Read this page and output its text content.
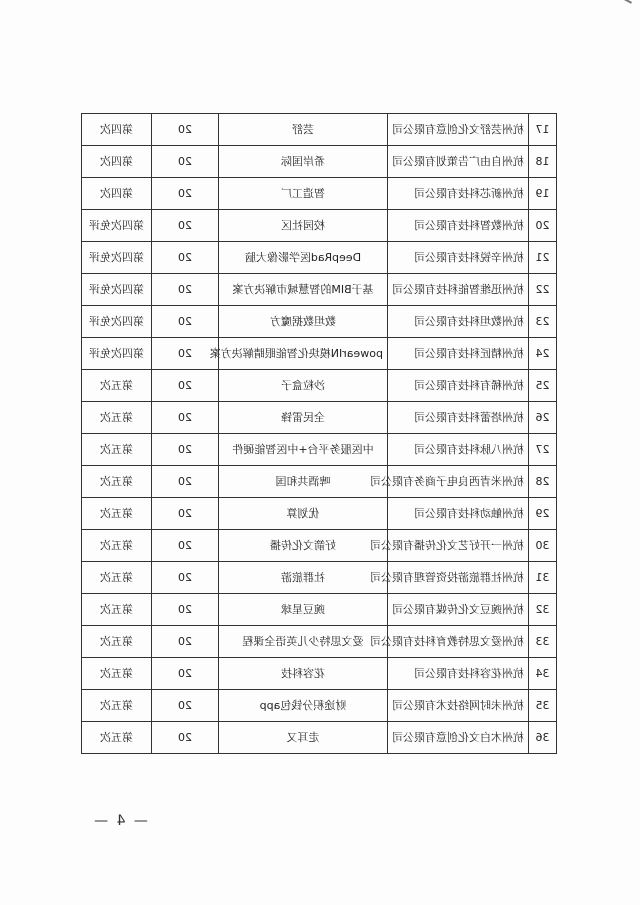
17	杭州芸舒文化创意有限公司	芸舒	20	第四次
18	杭州自由广告策划有限公司	希岸国际	20	第四次
19	杭州新芯科技有限公司	智造工厂	20	第四次
20	杭州数智科技有限公司	校园社区	20	第四次免评
21	杭州辛锐科技有限公司	DeepRad医学影像大脑	20	第四次免评
22	杭州迅维智能科技有限公司	基于BIM的智慧城市解决方案	20	第四次免评
23	杭州数坦科技有限公司	数坦数据魔方	20	第四次免评
24	杭州精匠科技有限公司	powearIN模块化智能眼睛解决方案	20	第四次免评
25	杭州稀有科技有限公司	沙粒盒子	20	第五次
26	杭州塔蕾科技有限公司	全民雷锋	20	第五次
27	杭州八脉科技有限公司	中医服务平台+中医智能硬件	20	第五次
28	杭州米青西良电子商务有限公司	啤酒共和国	20	第五次
29	杭州触动科技有限公司	优划算	20	第五次
30	杭州一开好艺文化传播有限公司	好箭文化传播	20	第五次
31	杭州社群旅游投资管理有限公司	社群旅游	20	第五次
32	杭州豌豆文化传媒有限公司	豌豆星球	20	第五次
33	杭州爱文思特教育科技有限公司	爱文思特少儿英语全课程	20	第五次
34	杭州花容科技有限公司	花容科技	20	第五次
35	杭州未时网络技术有限公司	财途积分钱包app	20	第五次
36	杭州木白文化创意有限公司	走耳又	20	第五次
— 4 —
